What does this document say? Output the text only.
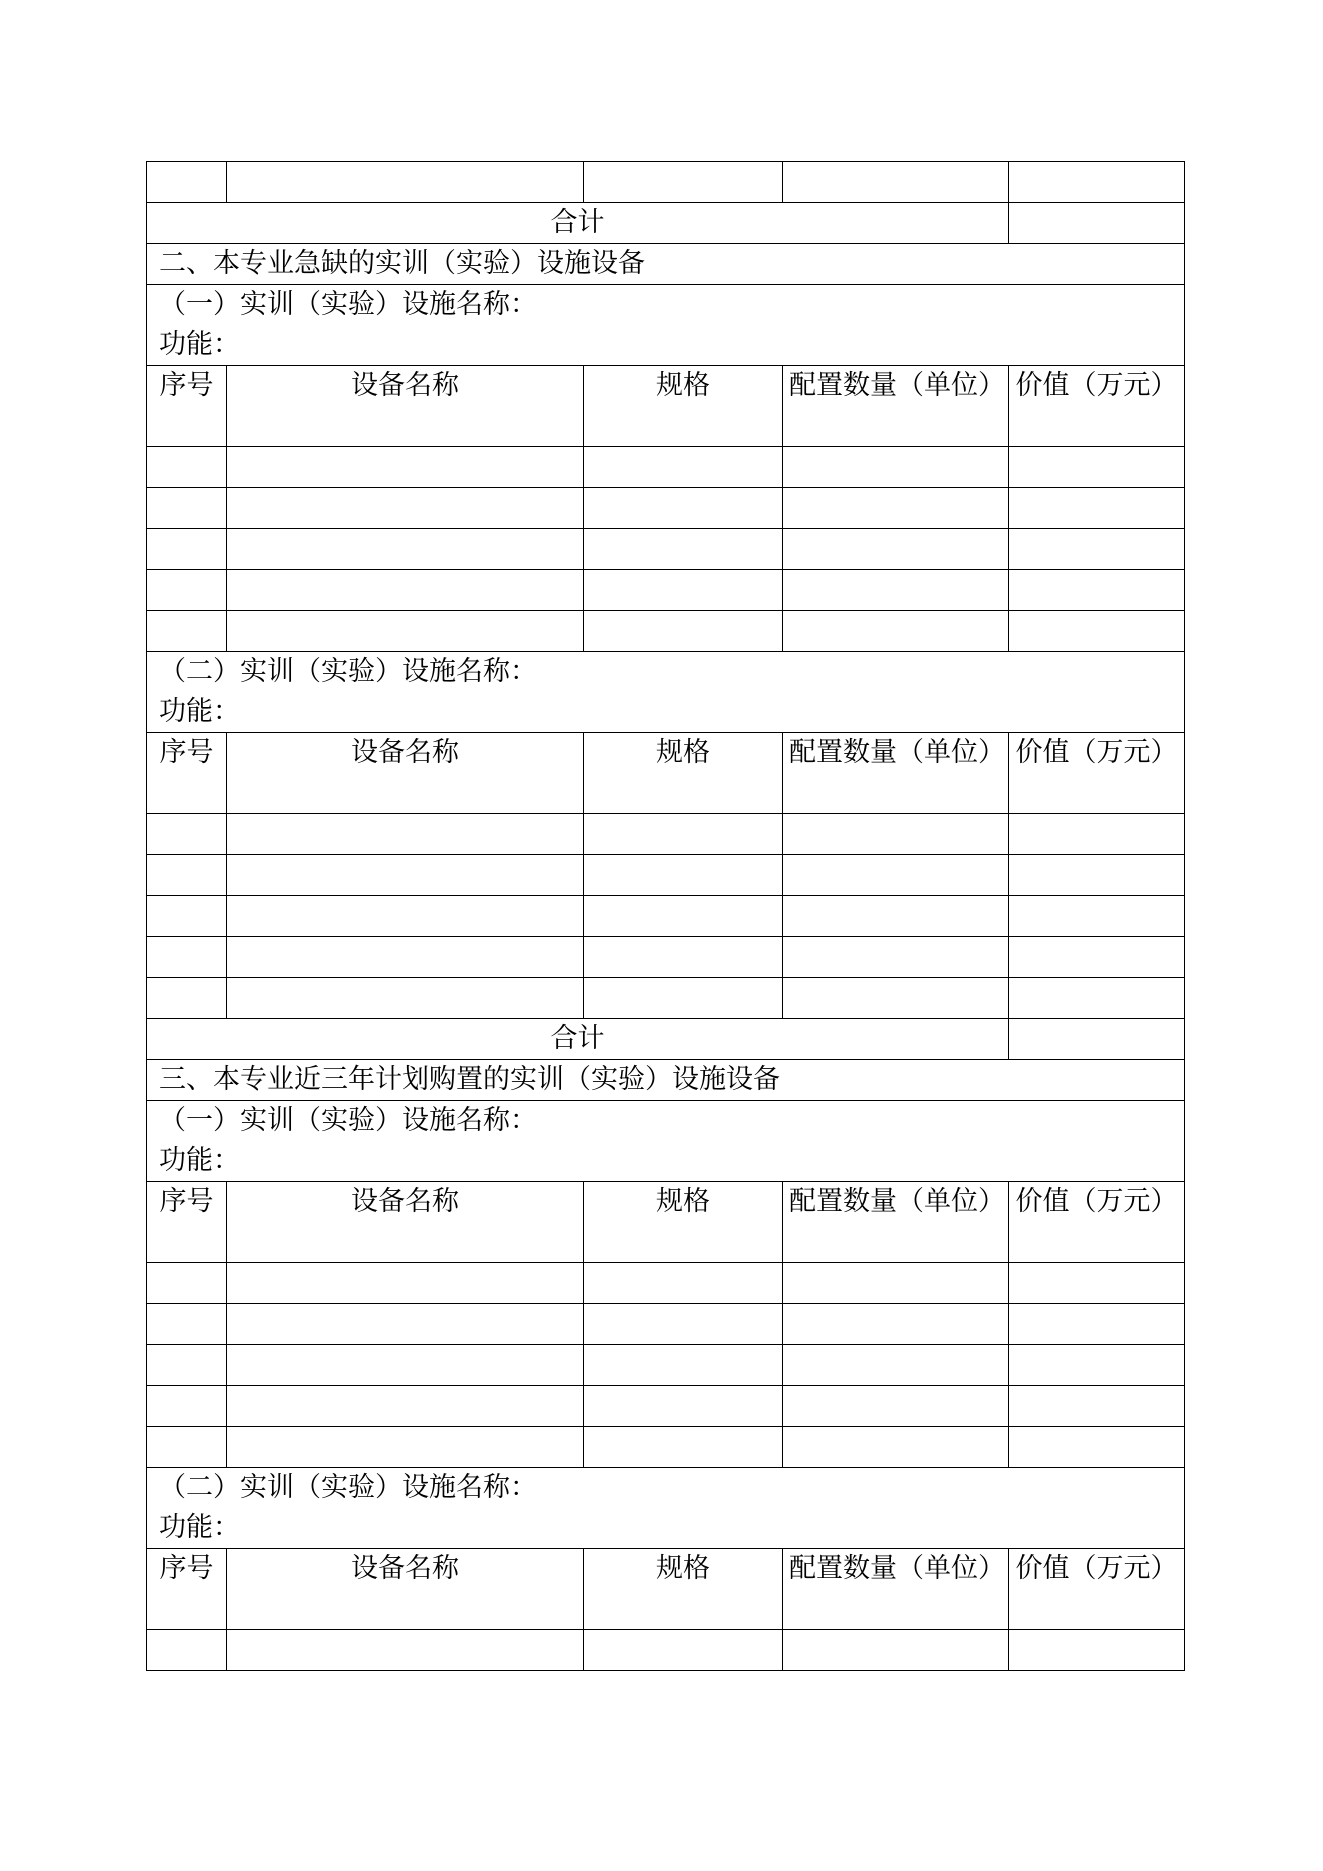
合计				
二、本专业急缺的实训（实验）设施设备				

（一）实训（实验）设施名称：
功能：				

序号	设备名称	规格	配置数量（单位）	价值（万元）

（二）实训（实验）设施名称：
功能：				

序号	设备名称	规格	配置数量（单位）	价值（万元）

合计				
三、本专业近三年计划购置的实训（实验）设施设备				

（一）实训（实验）设施名称：
功能：				

序号	设备名称	规格	配置数量（单位）	价值（万元）

（二）实训（实验）设施名称：
功能：				

序号	设备名称	规格	配置数量（单位）	价值（万元）
